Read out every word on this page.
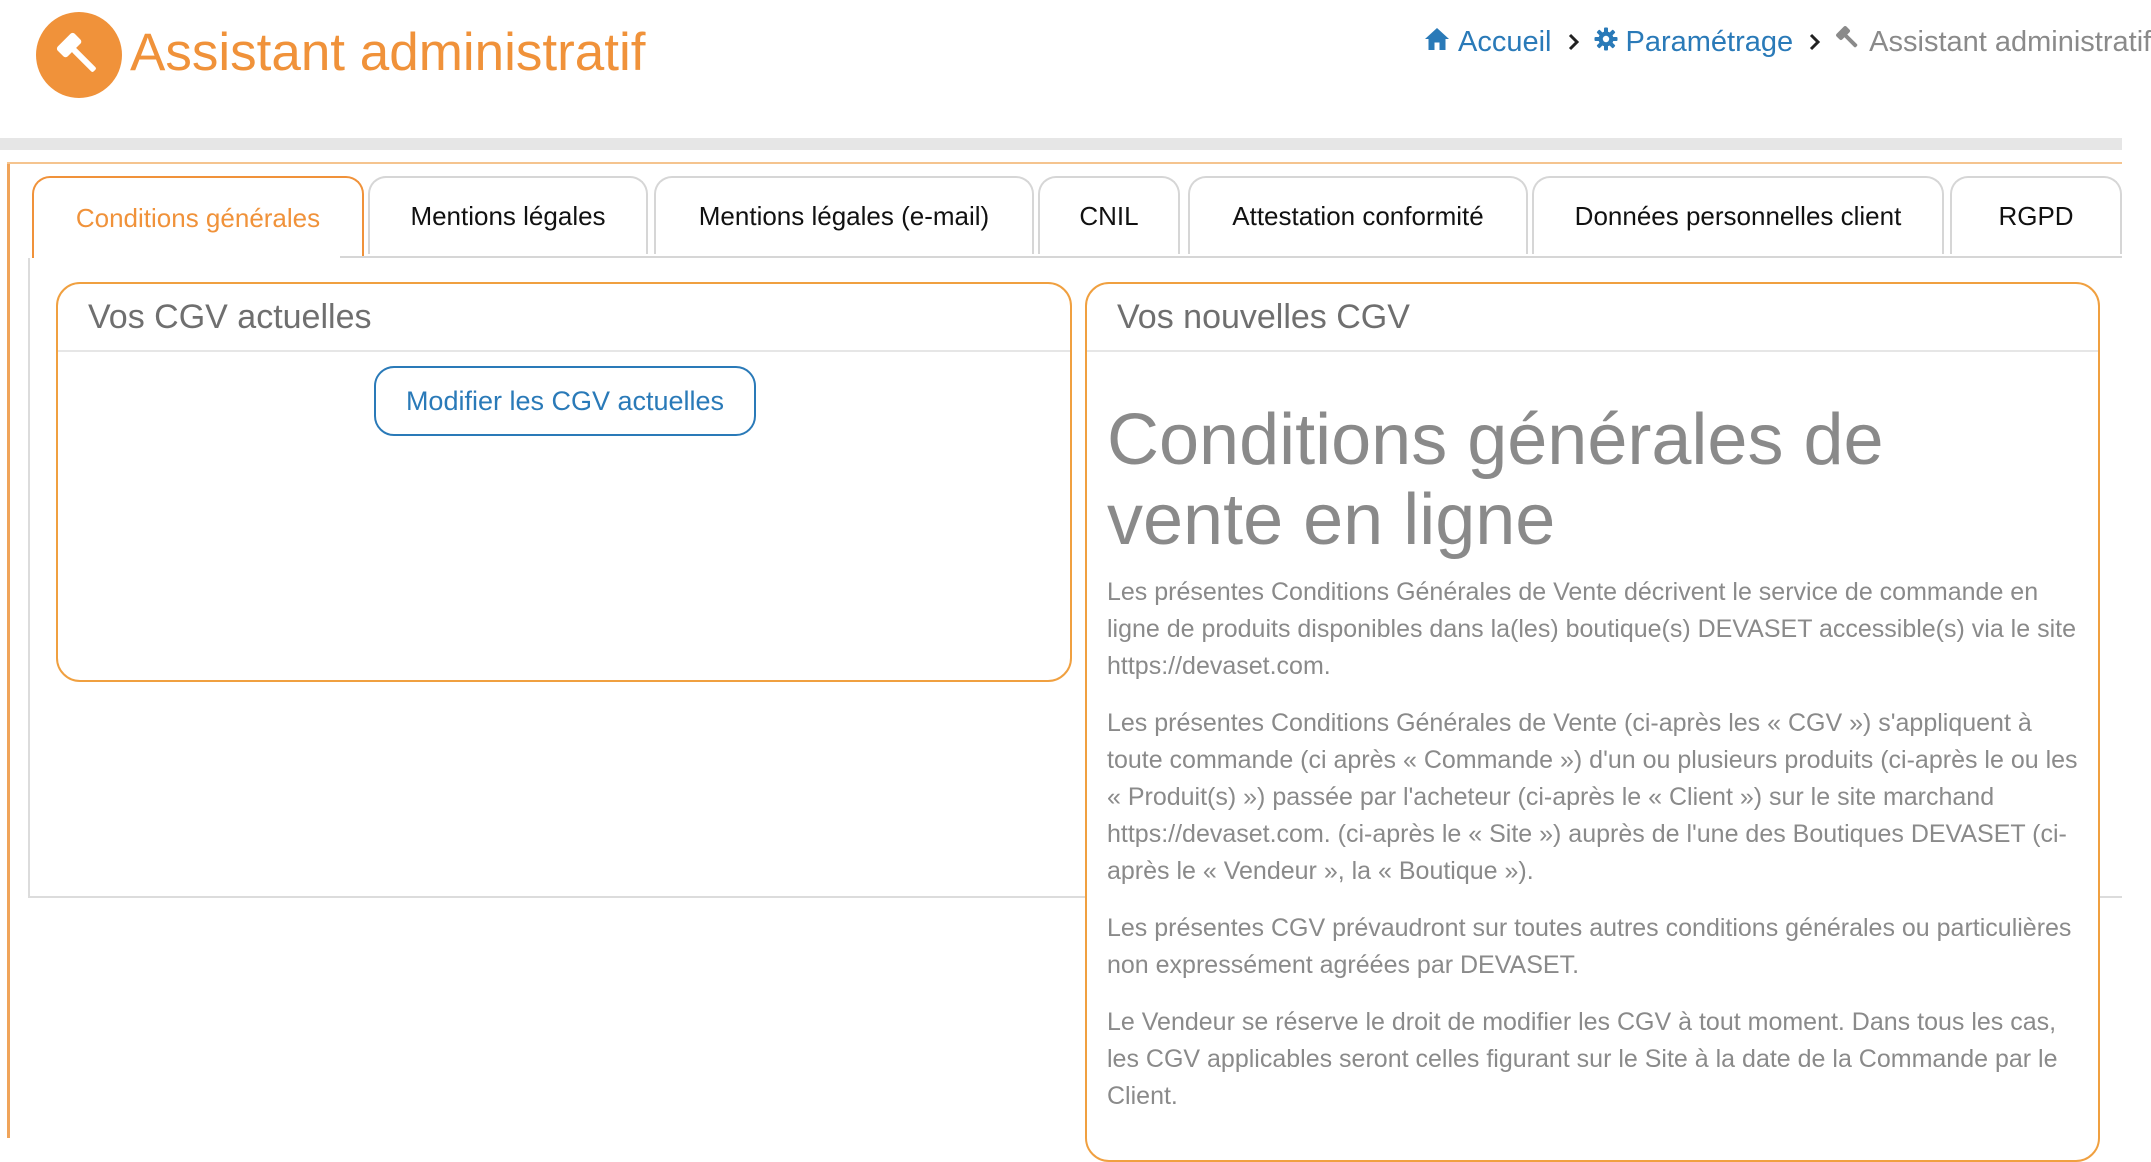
Assistant administratif	Accueil	Paramétrage	Assistant administratif
Conditions générales	Mentions légales	Mentions légales (e-mail)	CNIL	Attestation conformité	Données personnelles client	RGPD
Vos CGV actuelles
Modifier les CGV actuelles
Vos nouvelles CGV
Conditions générales de vente en ligne

Les présentes Conditions Générales de Vente décrivent le service de commande en ligne de produits disponibles dans la(les) boutique(s) DEVASET accessible(s) via le site https://devaset.com.

Les présentes Conditions Générales de Vente (ci-après les « CGV ») s'appliquent à toute commande (ci après « Commande ») d'un ou plusieurs produits (ci-après le ou les « Produit(s) ») passée par l'acheteur (ci-après le « Client ») sur le site marchand https://devaset.com. (ci-après le « Site ») auprès de l'une des Boutiques DEVASET (ci-après le « Vendeur », la « Boutique »).

Les présentes CGV prévaudront sur toutes autres conditions générales ou particulières non expressément agréées par DEVASET.

Le Vendeur se réserve le droit de modifier les CGV à tout moment. Dans tous les cas, les CGV applicables seront celles figurant sur le Site à la date de la Commande par le Client.
